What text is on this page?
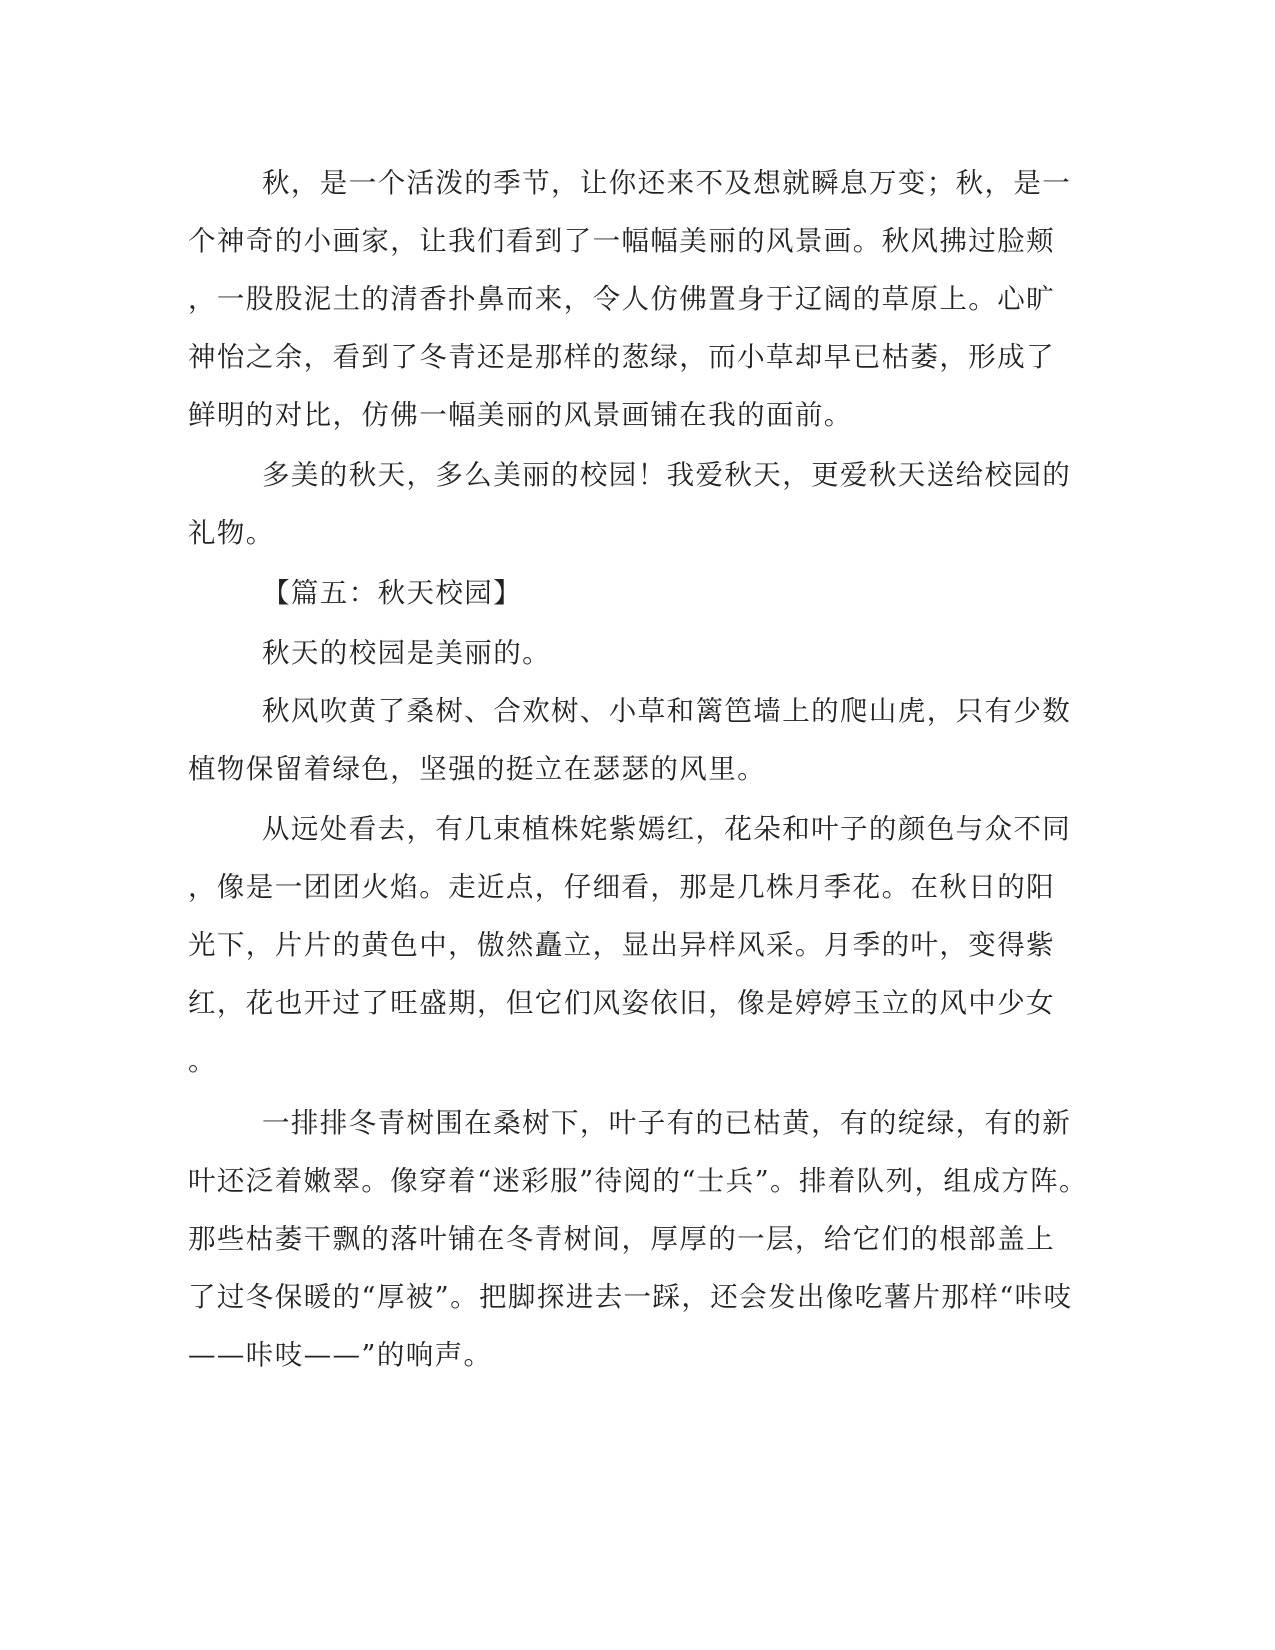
秋，是一个活泼的季节，让你还来不及想就瞬息万变；秋，是一
个神奇的小画家，让我们看到了一幅幅美丽的风景画。秋风拂过脸颊
，一股股泥土的清香扑鼻而来，令人仿佛置身于辽阔的草原上。心旷
神怡之余，看到了冬青还是那样的葱绿，而小草却早已枯萎，形成了
鲜明的对比，仿佛一幅美丽的风景画铺在我的面前。
多美的秋天，多么美丽的校园！我爱秋天，更爱秋天送给校园的
礼物。
【篇五：秋天校园】
秋天的校园是美丽的。
秋风吹黄了桑树、合欢树、小草和篱笆墙上的爬山虎，只有少数
植物保留着绿色，坚强的挺立在瑟瑟的风里。
从远处看去，有几束植株姹紫嫣红，花朵和叶子的颜色与众不同
，像是一团团火焰。走近点，仔细看，那是几株月季花。在秋日的阳
光下，片片的黄色中，傲然矗立，显出异样风采。月季的叶，变得紫
红，花也开过了旺盛期，但它们风姿依旧，像是婷婷玉立的风中少女
。
一排排冬青树围在桑树下，叶子有的已枯黄，有的绽绿，有的新
叶还泛着嫩翠。像穿着“迷彩服”待阅的“士兵”。排着队列，组成方阵。
那些枯萎干飘的落叶铺在冬青树间，厚厚的一层，给它们的根部盖上
了过冬保暖的“厚被”。把脚探进去一踩，还会发出像吃薯片那样“咔吱
——咔吱——”的响声。
